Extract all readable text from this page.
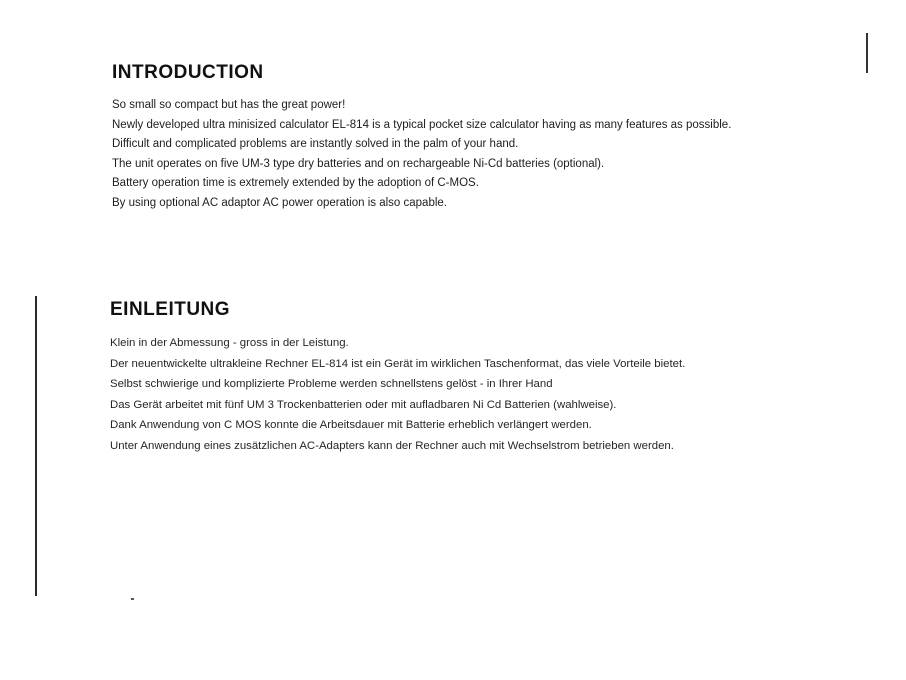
INTRODUCTION

So small so compact but has the great power!

Newly developed ultra minisized calculator EL-814 is a typical pocket size calculator having as many features as possible.

Difficult and complicated problems are instantly solved in the palm of your hand.

The unit operates on five UM-3 type dry batteries and on rechargeable Ni-Cd batteries (optional).

Battery operation time is extremely extended by the adoption of C-MOS.

By using optional AC adaptor AC power operation is also capable.

EINLEITUNG

Klein in der Abmessung - gross in der Leistung.

Der neuentwickelte ultrakleine Rechner EL-814 ist ein Gerät im wirklichen Taschenformat, das viele Vorteile bietet.

Selbst schwierige und komplizierte Probleme werden schnellstens gelöst - in Ihrer Hand

Das Gerät arbeitet mit fünf UM 3 Trockenbatterien oder mit aufladbaren Ni Cd Batterien (wahlweise).

Dank Anwendung von C MOS konnte die Arbeitsdauer mit Batterie erheblich verlängert werden.

Unter Anwendung eines zusätzlichen AC-Adapters kann der Rechner auch mit Wechselstrom betrieben werden.
